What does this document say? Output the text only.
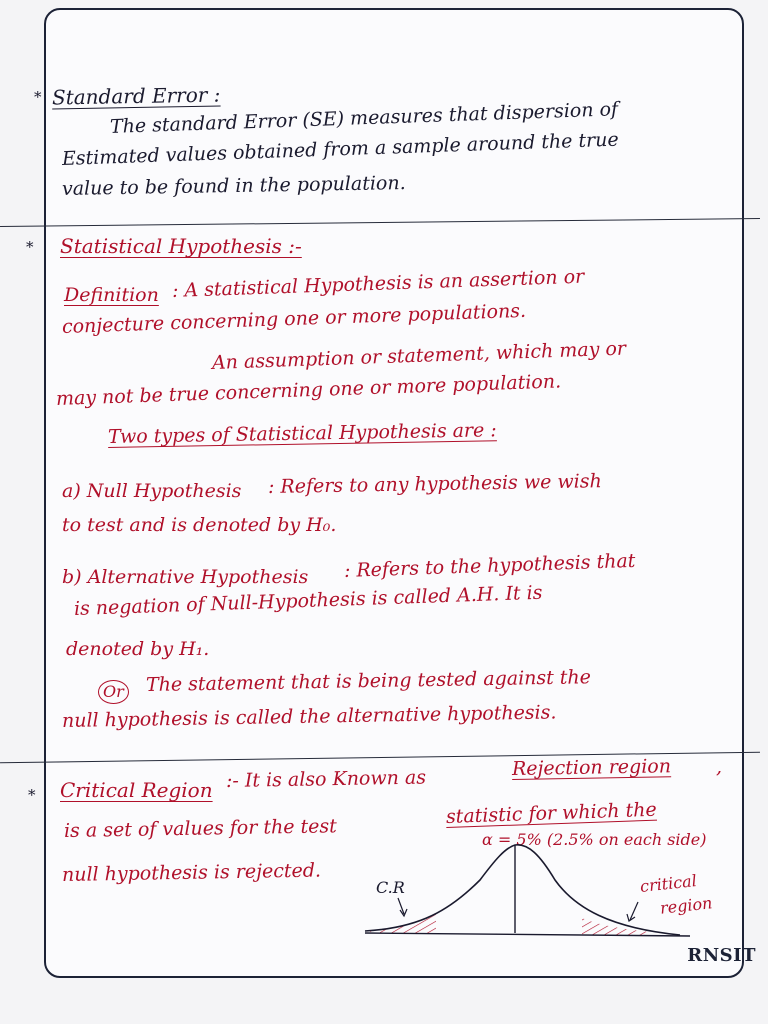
* Standard Error :
The standard Error (SE) measures that dispersion of
Estimated values obtained from a sample around the true
value to be found in the population.
* Statistical Hypothesis :-
Definition : A statistical Hypothesis is an assertion or
conjecture concerning one or more populations.
An assumption or statement, which may or
may not be true concerning one or more population.
Two types of Statistical Hypothesis are :
a) Null Hypothesis : Refers to any hypothesis we wish
to test and is denoted by H₀.
b) Alternative Hypothesis : Refers to the hypothesis that
is negation of Null-Hypothesis is called A.H. It is
denoted by H₁.
Or The statement that is being tested against the
null hypothesis is called the alternative hypothesis.
* Critical Region :- It is also Known as	Rejection region ,
is a set of values for the test
statistic for which the
null hypothesis is rejected.
α = 5% (2.5% on each side)
C.R	critical
region
RNSIT
